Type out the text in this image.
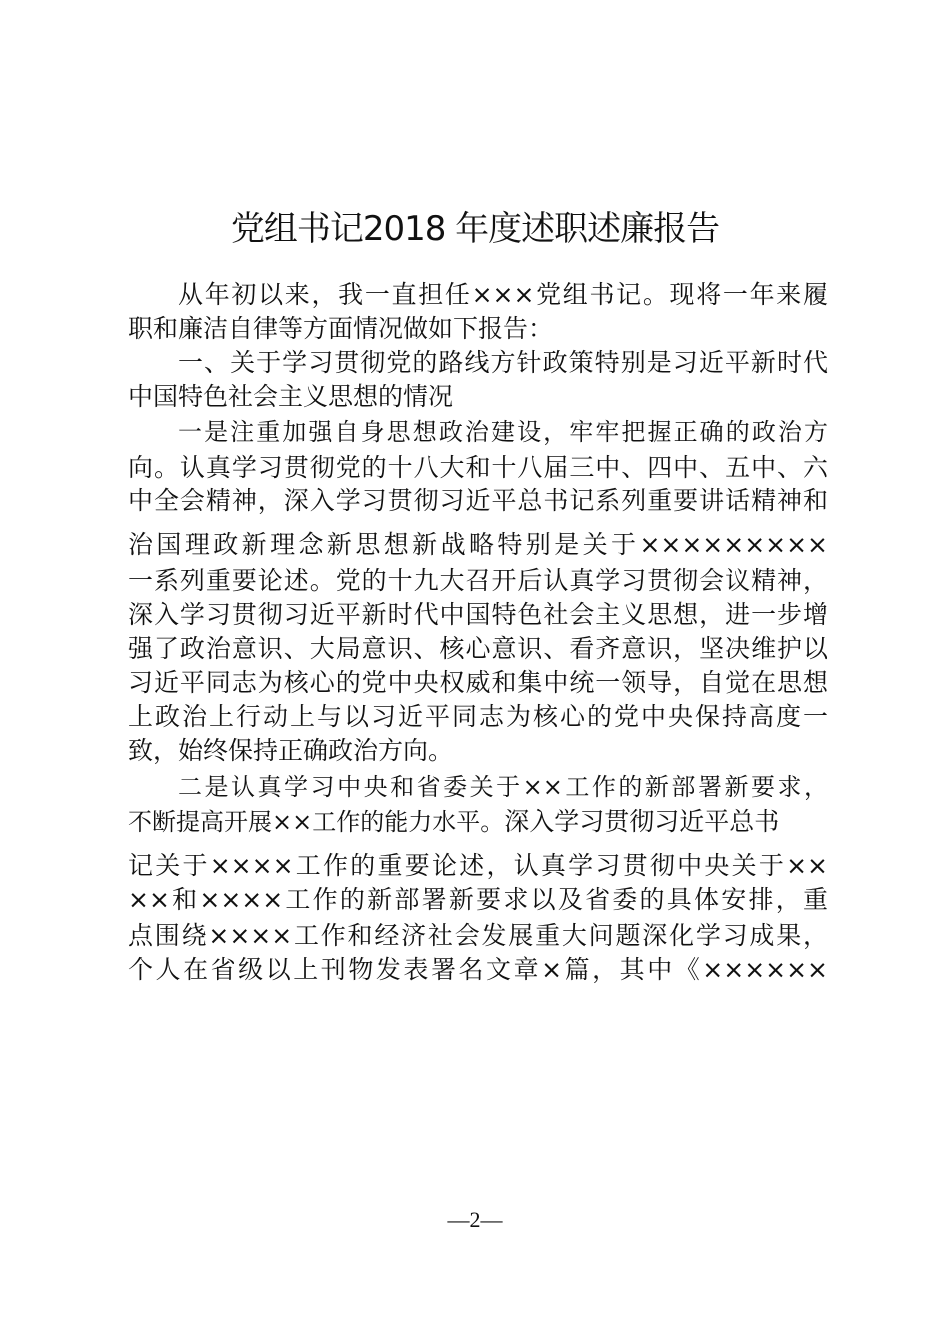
党组书记2018 年度述职述廉报告
从年初以来，我一直担任×××党组书记。现将一年来履
职和廉洁自律等方面情况做如下报告：
一、关于学习贯彻党的路线方针政策特别是习近平新时代
中国特色社会主义思想的情况
一是注重加强自身思想政治建设，牢牢把握正确的政治方
向。认真学习贯彻党的十八大和十八届三中、四中、五中、六
中全会精神，深入学习贯彻习近平总书记系列重要讲话精神和
治国理政新理念新思想新战略特别是关于×××××××××
一系列重要论述。党的十九大召开后认真学习贯彻会议精神，
深入学习贯彻习近平新时代中国特色社会主义思想，进一步增
强了政治意识、大局意识、核心意识、看齐意识，坚决维护以
习近平同志为核心的党中央权威和集中统一领导，自觉在思想
上政治上行动上与以习近平同志为核心的党中央保持高度一
致，始终保持正确政治方向。
二是认真学习中央和省委关于××工作的新部署新要求，
不断提高开展××工作的能力水平。深入学习贯彻习近平总书
记关于××××工作的重要论述，认真学习贯彻中央关于××
××和××××工作的新部署新要求以及省委的具体安排，重
点围绕××××工作和经济社会发展重大问题深化学习成果，
个人在省级以上刊物发表署名文章×篇，其中《××××××
—2—
